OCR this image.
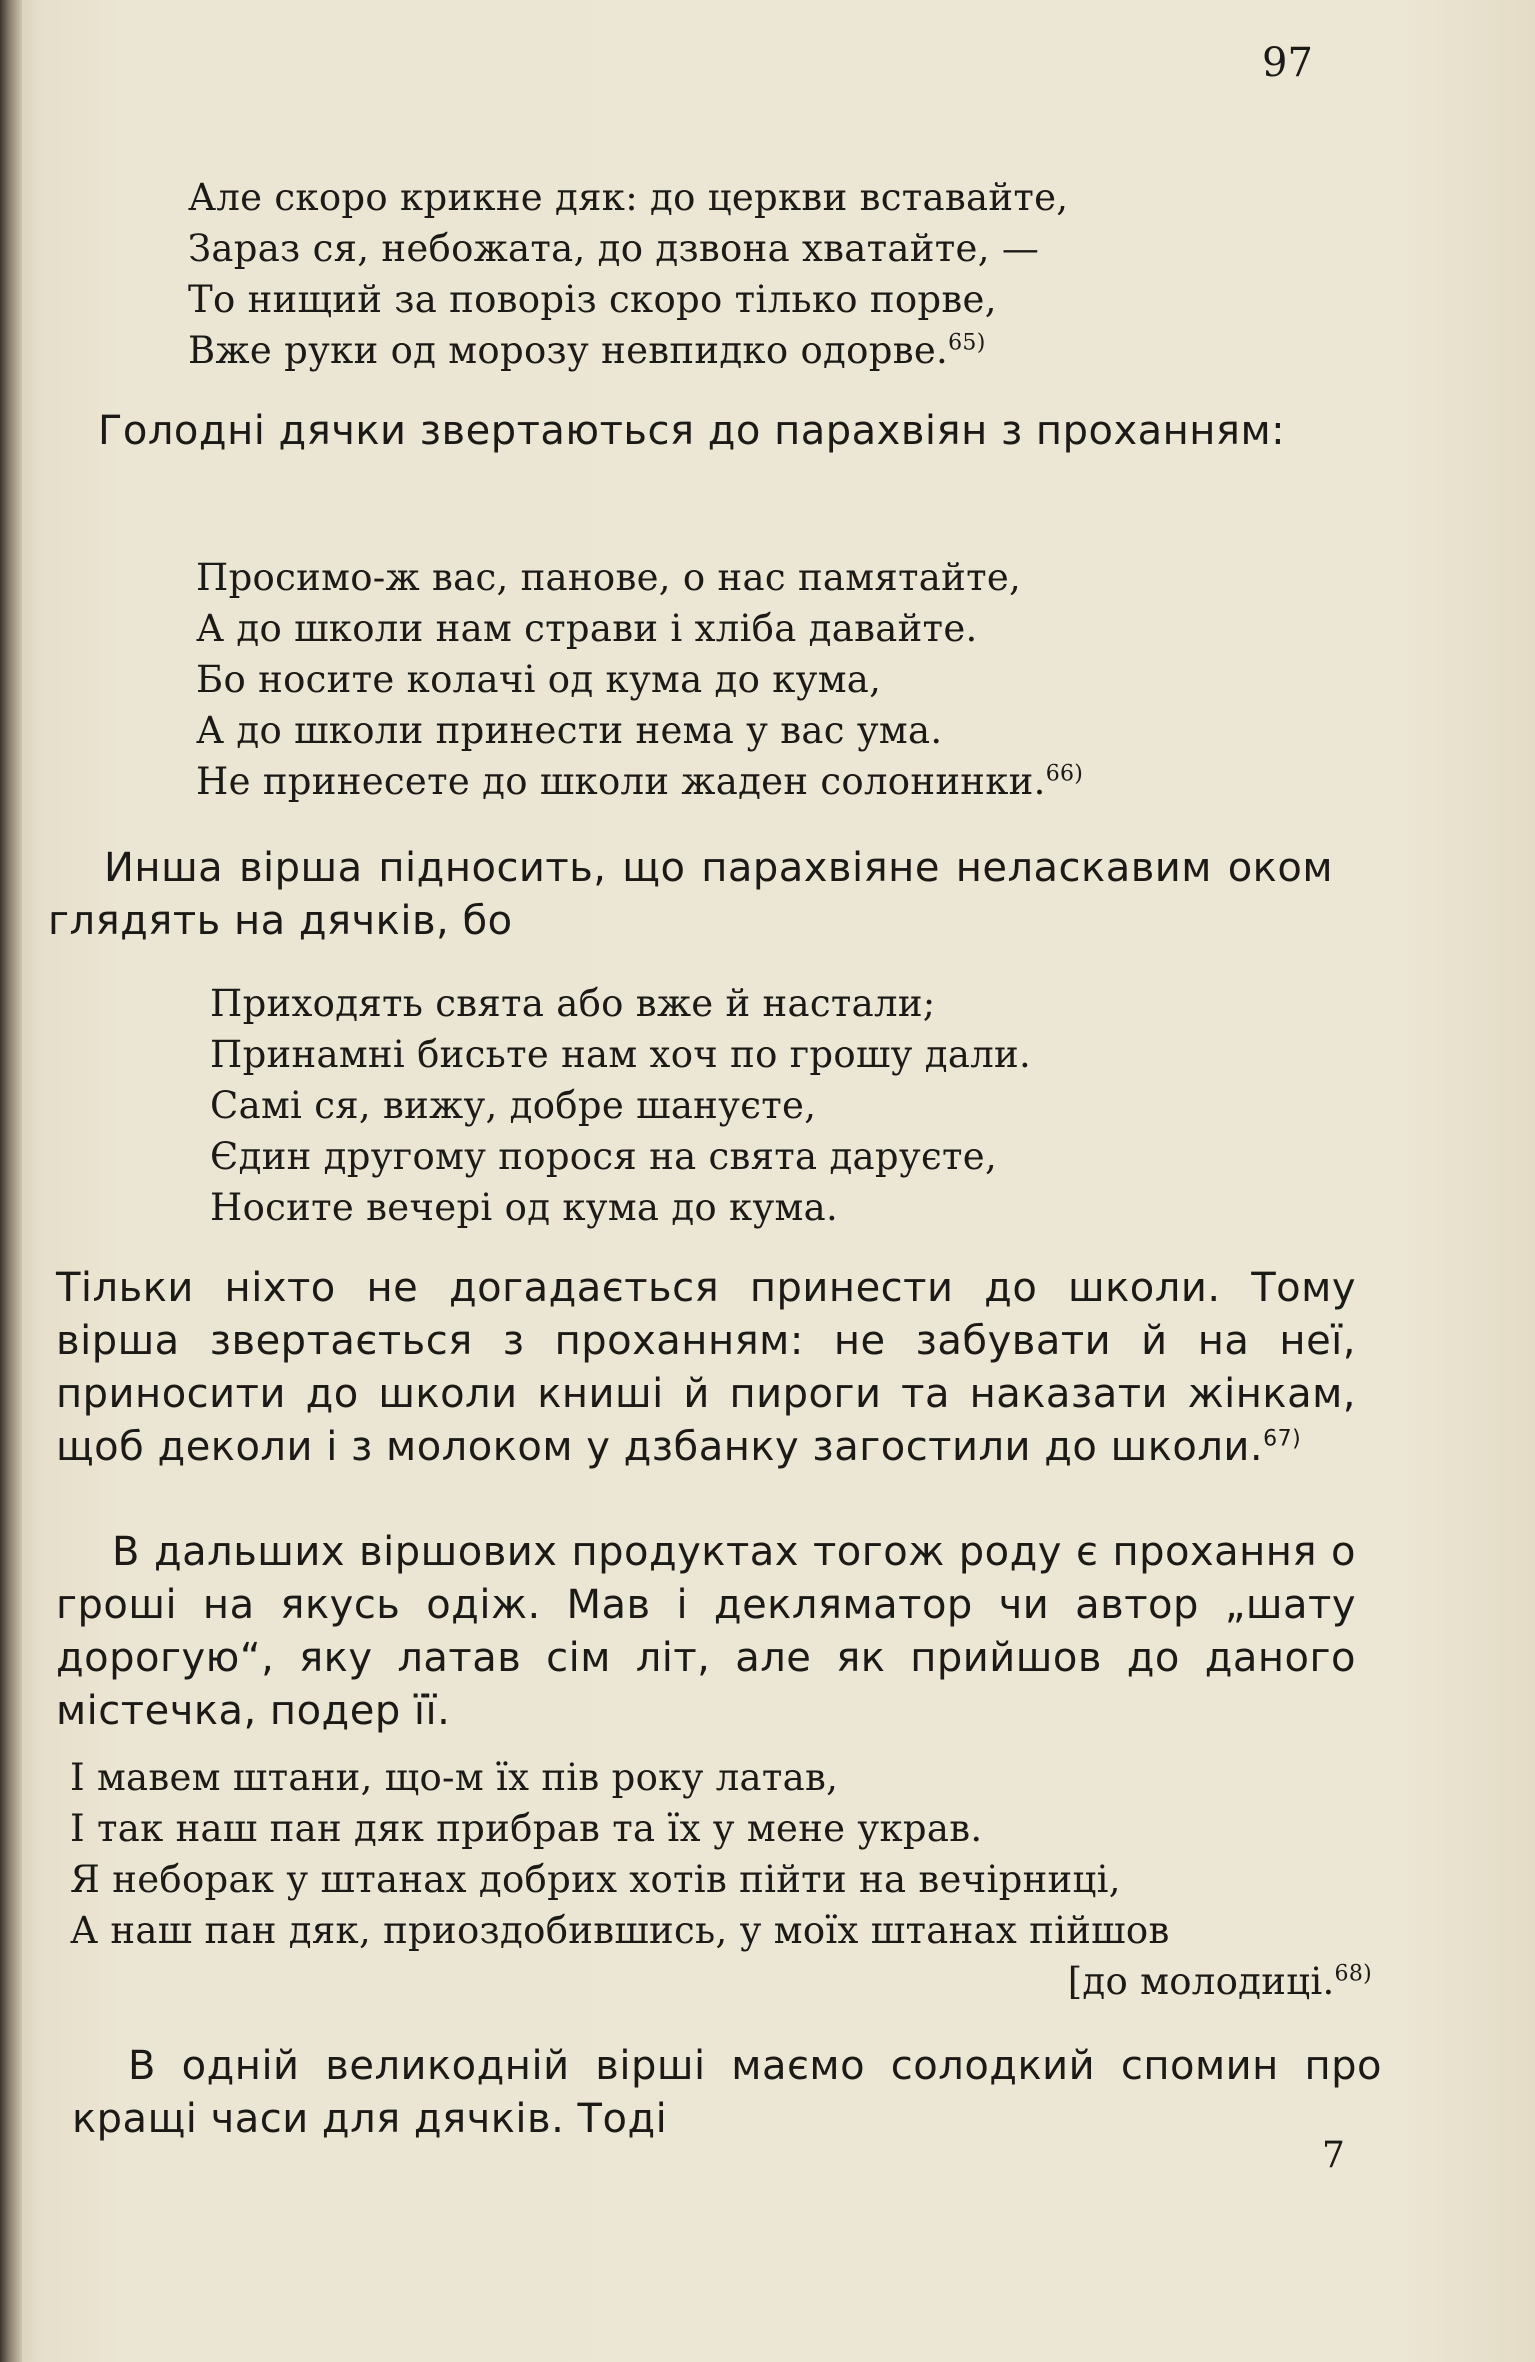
97
Але скоро крикне дяк: до церкви вставайте,
Зараз ся, небожата, до дзвона хватайте, —
То нищий за поворіз скоро тілько порве,
Вже руки од морозу невпидко одорве.$^{65)}$

Голодні дячки звертаються до парахвіян з проханням:

Просимо-ж вас, панове, о нас памятайте,
А до школи нам страви і хліба давайте.
Бо носите колачі од кума до кума,
А до школи принести нема у вас ума.
Не принесете до школи жаден солонинки.$^{66)}$

Инша вірша підносить, що парахвіяне неласкавим оком глядять на дячків, бо

Приходять свята або вже й настали;
Принамні бисьте нам хоч по грошу дали.
Самі ся, вижу, добре шануєте,
Єдин другому порося на свята даруєте,
Носите вечері од кума до кума.

Тільки ніхто не догадається принести до школи. Тому вірша звертається з проханням: не забувати й на неї, приносити до школи книші й пироги та наказати жінкам, щоб деколи і з молоком у дзбанку загостили до школи.$^{67)}$

В дальших віршових продуктах тогож роду є прохання о гроші на якусь одіж. Мав і декляматор чи автор „шату дорогую“, яку латав сім літ, але як прийшов до даного містечка, подер її.

І мавем штани, що-м їх пів року латав,
І так наш пан дяк прибрав та їх у мене украв.
Я неборак у штанах добрих хотів пійти на вечірниці,
А наш пан дяк, приоздобившись, у моїх штанах пійшов
[до молодиці.$^{68)}$

В одній великодній вірші маємо солодкий спомин про кращі часи для дячків. Тоді

7
